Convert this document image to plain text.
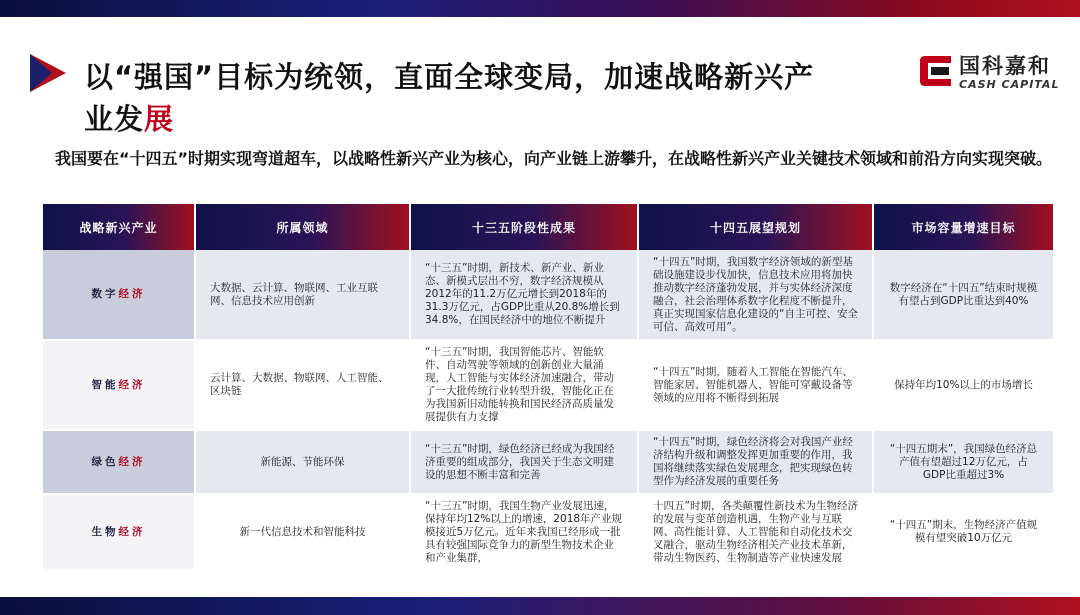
以“强国”目标为统领，直面全球变局，加速战略新兴产
业发展
国科嘉和
CASH CAPITAL
我国要在“十四五”时期实现弯道超车，以战略性新兴产业为核心，向产业链上游攀升，在战略性新兴产业关键技术领域和前沿方向实现突破。
战略新兴产业	所属领域	十三五阶段性成果	十四五展望规划	市场容量增速目标
数字经济	大数据、云计算、物联网、工业互联网、信息技术应用创新	“十三五”时期，新技术、新产业、新业态、新模式层出不穷，数字经济规模从2012年的11.2万亿元增长到2018年的31.3万亿元，占GDP比重从20.8%增长到34.8%，在国民经济中的地位不断提升	“十四五”时期，我国数字经济领域的新型基础设施建设步伐加快，信息技术应用将加快推动数字经济蓬勃发展，并与实体经济深度融合，社会治理体系数字化程度不断提升，真正实现国家信息化建设的“自主可控、安全可信、高效可用”。	数字经济在“十四五”结束时规模有望占到GDP比重达到40%
智能经济	云计算、大数据、物联网、人工智能、区块链	“十三五”时期，我国智能芯片、智能软件、自动驾驶等领域的创新创业大量涌现，人工智能与实体经济加速融合，带动了一大批传统行业转型升级，智能化正在为我国新旧动能转换和国民经济高质量发展提供有力支撑	“十四五”时期，随着人工智能在智能汽车、智能家居、智能机器人、智能可穿戴设备等领域的应用将不断得到拓展	保持年均10%以上的市场增长
绿色经济	新能源、节能环保	“十三五”时期，绿色经济已经成为我国经济重要的组成部分，我国关于生态文明建设的思想不断丰富和完善	“十四五”时期，绿色经济将会对我国产业经济结构升级和调整发挥更加重要的作用，我国将继续落实绿色发展理念，把实现绿色转型作为经济发展的重要任务	“十四五期末”，我国绿色经济总产值有望超过12万亿元，占GDP比重超过3%
生物经济	新一代信息技术和智能科技	“十三五”时期，我国生物产业发展迅速，保持年均12%以上的增速，2018年产业规模接近5万亿元。近年来我国已经形成一批具有较强国际竞争力的新型生物技术企业和产业集群，	十四五”时期，各类颠覆性新技术为生物经济的发展与变革创造机遇，生物产业与互联网、高性能计算、人工智能和自动化技术交叉融合，驱动生物经济相关产业技术革新，带动生物医药、生物制造等产业快速发展	“十四五”期末，生物经济产值规模有望突破10万亿元
